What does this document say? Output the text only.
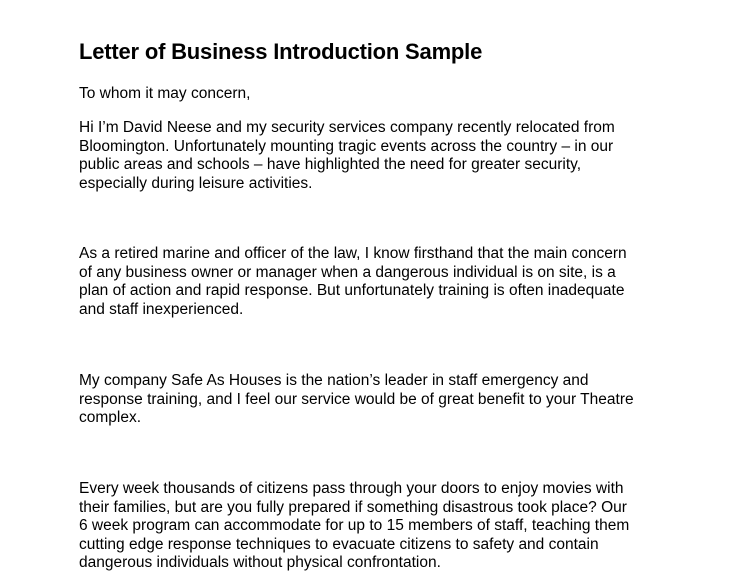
Letter of Business Introduction Sample

To whom it may concern,

Hi I’m David Neese and my security services company recently relocated from
Bloomington. Unfortunately mounting tragic events across the country – in our
public areas and schools – have highlighted the need for greater security,
especially during leisure activities.

As a retired marine and officer of the law, I know firsthand that the main concern
of any business owner or manager when a dangerous individual is on site, is a
plan of action and rapid response. But unfortunately training is often inadequate
and staff inexperienced.

My company Safe As Houses is the nation’s leader in staff emergency and
response training, and I feel our service would be of great benefit to your Theatre
complex.

Every week thousands of citizens pass through your doors to enjoy movies with
their families, but are you fully prepared if something disastrous took place? Our
6 week program can accommodate for up to 15 members of staff, teaching them
cutting edge response techniques to evacuate citizens to safety and contain
dangerous individuals without physical confrontation.
